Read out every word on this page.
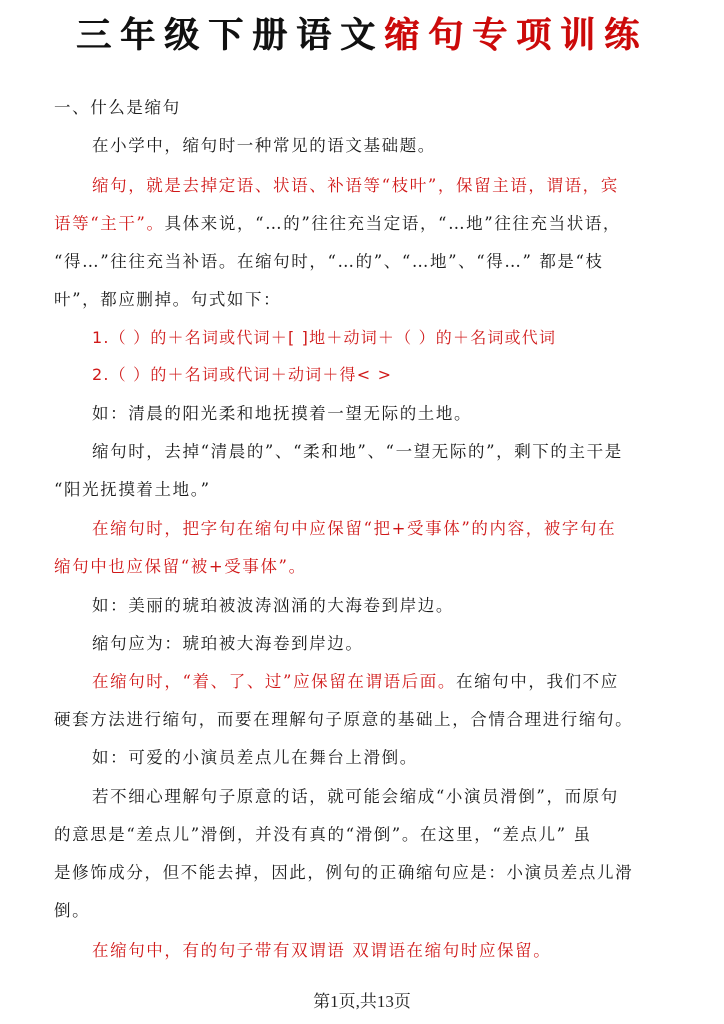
三年级下册语文缩句专项训练
一、什么是缩句
在小学中，缩句时一种常见的语文基础题。
缩句，就是去掉定语、状语、补语等“枝叶”，保留主语，谓语，宾
语等“主干”。具体来说，“…的”往往充当定语，“…地”往往充当状语，
“得…”往往充当补语。在缩句时，“…的”、“…地”、“得…” 都是“枝
叶”，都应删掉。句式如下：
1.（ ）的＋名词或代词＋[ ]地＋动词＋（ ）的＋名词或代词
2.（ ）的＋名词或代词＋动词＋得< >
如：清晨的阳光柔和地抚摸着一望无际的土地。
缩句时，去掉“清晨的”、“柔和地”、“一望无际的”，剩下的主干是
“阳光抚摸着土地。”
在缩句时，把字句在缩句中应保留“把+受事体”的内容，被字句在
缩句中也应保留“被+受事体”。
如：美丽的琥珀被波涛汹涌的大海卷到岸边。
缩句应为：琥珀被大海卷到岸边。
在缩句时，“着、了、过”应保留在谓语后面。在缩句中，我们不应
硬套方法进行缩句，而要在理解句子原意的基础上，合情合理进行缩句。
如：可爱的小演员差点儿在舞台上滑倒。
若不细心理解句子原意的话，就可能会缩成“小演员滑倒”，而原句
的意思是“差点儿”滑倒，并没有真的“滑倒”。在这里，“差点儿” 虽
是修饰成分，但不能去掉，因此，例句的正确缩句应是：小演员差点儿滑
倒。
在缩句中，有的句子带有双谓语 双谓语在缩句时应保留。
第1页,共13页
